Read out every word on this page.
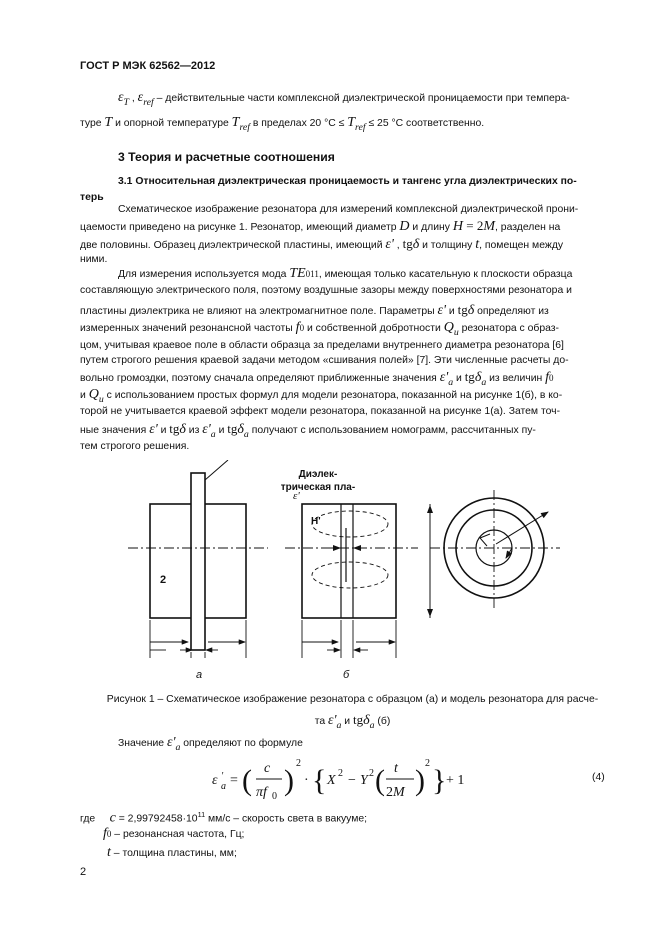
ГОСТ Р МЭК 62562—2012
$\varepsilon_T$ , $\varepsilon_{ref}$ – действительные части комплексной диэлектрической проницаемости при темпера-
туре T и опорной температуре $T_{ref}$ в пределах 20 $^\circ С \le T_{ref} \le 25$ °С соответственно.
3 Теория и расчетные соотношения
3.1 Относительная диэлектрическая проницаемость и тангенс угла диэлектрических по-
терь
Схематическое изображение резонатора для измерений комплексной диэлектрической прони-
цаемости приведено на рисунке 1. Резонатор, имеющий диаметр D и длину H = 2M, разделен на
две половины. Образец диэлектрической пластины, имеющий ε' , tgδ и толщину t, помещен между
ними.
Для измерения используется мода TE011, имеющая только касательную к плоскости образца
составляющую электрического поля, поэтому воздушные зазоры между поверхностями резонатора и
пластины диэлектрика не влияют на электромагнитное поле. Параметры ε' и tgδ определяют из
измеренных значений резонансной частоты f0 и собственной добротности $Q_u$ резонатора с образ-
цом, учитывая краевое поле в области образца за пределами внутреннего диаметра резонатора [6]
путем строгого решения краевой задачи методом «сшивания полей» [7]. Эти численные расчеты до-
вольно громоздки, поэтому сначала определяют приближенные значения $\varepsilon'_a$ и tgδ$_a$ из величин f0
и $Q_u$ с использованием простых формул для модели резонатора, показанной на рисунке 1(б), в ко-
торой не учитывается краевой эффект модели резонатора, показанной на рисунке 1(а). Затем точ-
ные значения ε' и tgδ из $\varepsilon'_a$ и tgδ$_a$ получают с использованием номограмм, рассчитанных пу-
тем строгого решения.
Диэлек-
трическая пла-
ε'
2
H'
а	б
Рисунок 1 – Схематическое изображение резонатора с образцом (а) и модель резонатора для расче-
та $\varepsilon'_a$ и tgδ$_a$ (б)
Значение $\varepsilon'_a$ определяют по формуле
ε ′
a = ( c
πf 0 )
2
· { X 2 − Y 2 ( t
2M )
2
} + 1	(4)
где $c = 2,99792458\cdot 10^{11}$ мм/с – скорость света в вакууме;
f0 – резонансная частота, Гц;
t – толщина пластины, мм;
2
